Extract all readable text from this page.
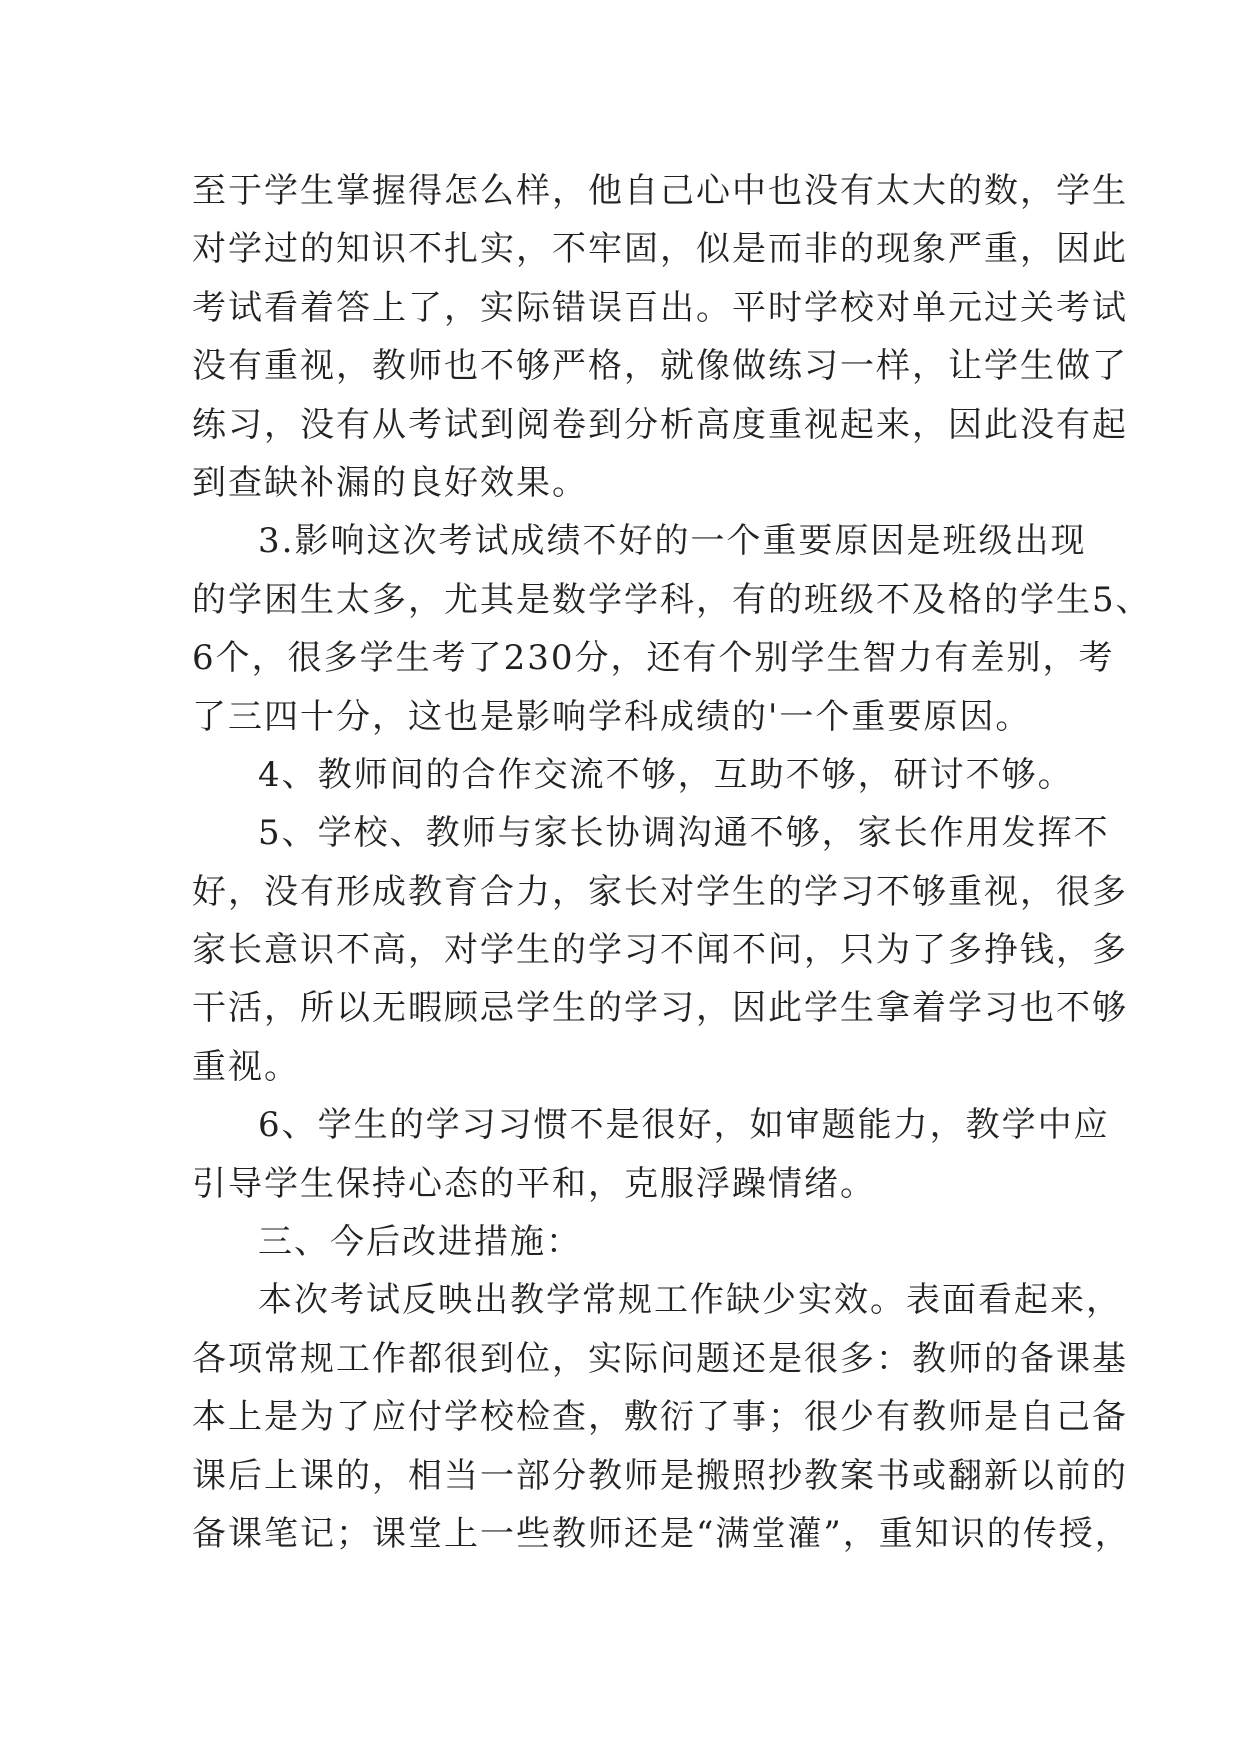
至于学生掌握得怎么样，他自己心中也没有太大的数，学生
对学过的知识不扎实，不牢固，似是而非的现象严重，因此
考试看着答上了，实际错误百出。平时学校对单元过关考试
没有重视，教师也不够严格，就像做练习一样，让学生做了
练习，没有从考试到阅卷到分析高度重视起来，因此没有起
到查缺补漏的良好效果。
3.影响这次考试成绩不好的一个重要原因是班级出现
的学困生太多，尤其是数学学科，有的班级不及格的学生5、
6个，很多学生考了230分，还有个别学生智力有差别，考
了三四十分，这也是影响学科成绩的'一个重要原因。
4、教师间的合作交流不够，互助不够，研讨不够。
5、学校、教师与家长协调沟通不够，家长作用发挥不
好，没有形成教育合力，家长对学生的学习不够重视，很多
家长意识不高，对学生的学习不闻不问，只为了多挣钱，多
干活，所以无暇顾忌学生的学习，因此学生拿着学习也不够
重视。
6、学生的学习习惯不是很好，如审题能力，教学中应
引导学生保持心态的平和，克服浮躁情绪。
三、今后改进措施：
本次考试反映出教学常规工作缺少实效。表面看起来，
各项常规工作都很到位，实际问题还是很多：教师的备课基
本上是为了应付学校检查，敷衍了事；很少有教师是自己备
课后上课的，相当一部分教师是搬照抄教案书或翻新以前的
备课笔记；课堂上一些教师还是“满堂灌”，重知识的传授，
